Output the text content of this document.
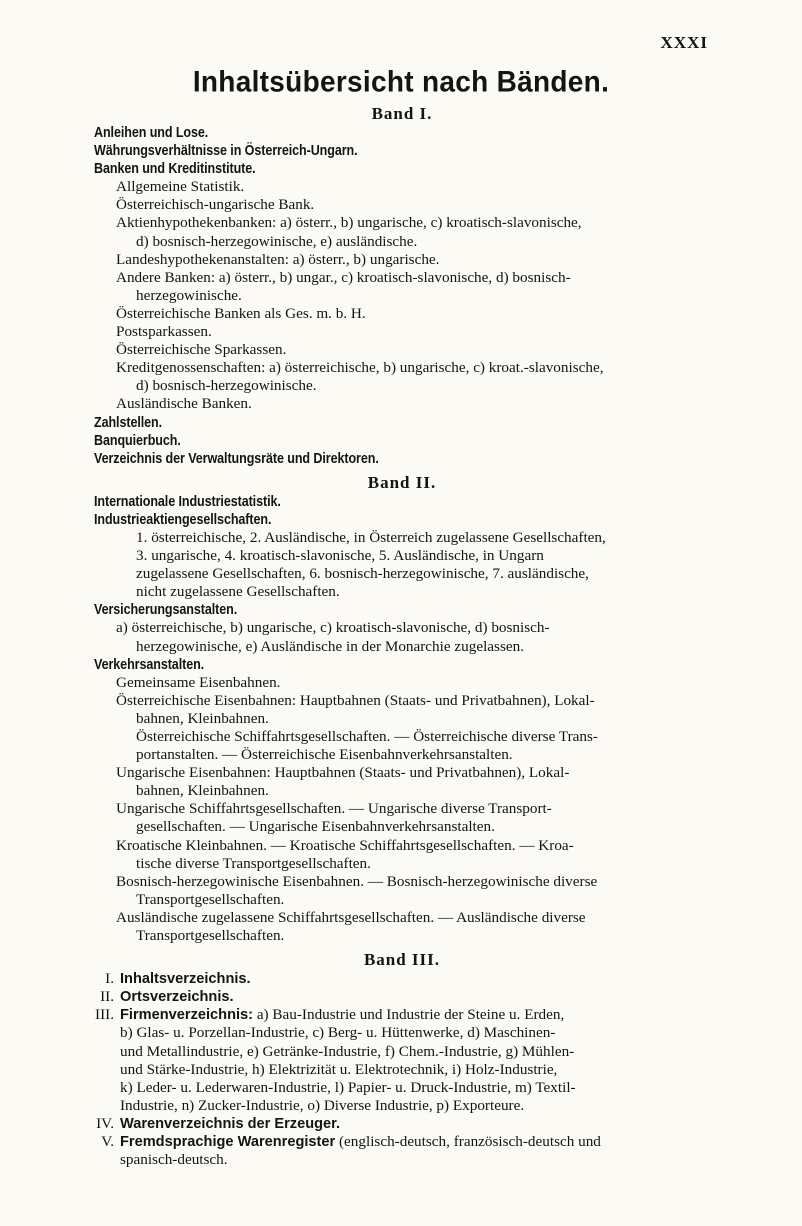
XXXI
Inhaltsübersicht nach Bänden.
Band I.
Anleihen und Lose.
Währungsverhältnisse in Österreich-Ungarn.
Banken und Kreditinstitute.
Allgemeine Statistik.
Österreichisch-ungarische Bank.
Aktienhypothekenbanken: a) österr., b) ungarische, c) kroatisch-slavonische,
d) bosnisch-herzegowinische, e) ausländische.
Landeshypothekenanstalten: a) österr., b) ungarische.
Andere Banken: a) österr., b) ungar., c) kroatisch-slavonische, d) bosnisch-
herzegowinische.
Österreichische Banken als Ges. m. b. H.
Postsparkassen.
Österreichische Sparkassen.
Kreditgenossenschaften: a) österreichische, b) ungarische, c) kroat.-slavonische,
d) bosnisch-herzegowinische.
Ausländische Banken.
Zahlstellen.
Banquierbuch.
Verzeichnis der Verwaltungsräte und Direktoren.
Band II.
Internationale Industriestatistik.
Industrieaktiengesellschaften.
1. österreichische, 2. Ausländische, in Österreich zugelassene Gesellschaften,
3. ungarische, 4. kroatisch-slavonische, 5. Ausländische, in Ungarn
zugelassene Gesellschaften, 6. bosnisch-herzegowinische, 7. ausländische,
nicht zugelassene Gesellschaften.
Versicherungsanstalten.
a) österreichische, b) ungarische, c) kroatisch-slavonische, d) bosnisch-
herzegowinische, e) Ausländische in der Monarchie zugelassen.
Verkehrsanstalten.
Gemeinsame Eisenbahnen.
Österreichische Eisenbahnen: Hauptbahnen (Staats- und Privatbahnen), Lokal-
bahnen, Kleinbahnen.
Österreichische Schiffahrtsgesellschaften. — Österreichische diverse Trans-
portanstalten. — Österreichische Eisenbahnverkehrsanstalten.
Ungarische Eisenbahnen: Hauptbahnen (Staats- und Privatbahnen), Lokal-
bahnen, Kleinbahnen.
Ungarische Schiffahrtsgesellschaften. — Ungarische diverse Transport-
gesellschaften. — Ungarische Eisenbahnverkehrsanstalten.
Kroatische Kleinbahnen. — Kroatische Schiffahrtsgesellschaften. — Kroa-
tische diverse Transportgesellschaften.
Bosnisch-herzegowinische Eisenbahnen. — Bosnisch-herzegowinische diverse
Transportgesellschaften.
Ausländische zugelassene Schiffahrtsgesellschaften. — Ausländische diverse
Transportgesellschaften.
Band III.
I. Inhaltsverzeichnis.
II. Ortsverzeichnis.
III. Firmenverzeichnis: a) Bau-Industrie und Industrie der Steine u. Erden,
b) Glas- u. Porzellan-Industrie, c) Berg- u. Hüttenwerke, d) Maschinen-
und Metallindustrie, e) Getränke-Industrie, f) Chem.-Industrie, g) Mühlen-
und Stärke-Industrie, h) Elektrizität u. Elektrotechnik, i) Holz-Industrie,
k) Leder- u. Lederwaren-Industrie, l) Papier- u. Druck-Industrie, m) Textil-
Industrie, n) Zucker-Industrie, o) Diverse Industrie, p) Exporteure.
IV. Warenverzeichnis der Erzeuger.
V. Fremdsprachige Warenregister (englisch-deutsch, französisch-deutsch und
spanisch-deutsch.
